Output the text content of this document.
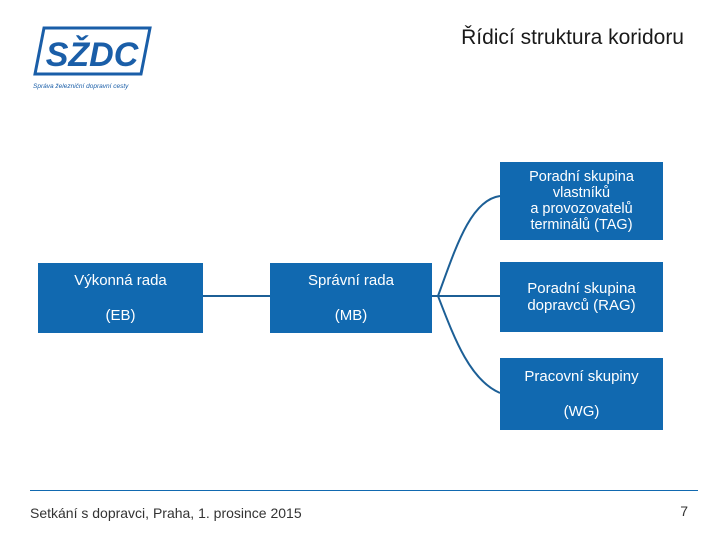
SŽDC
Správa železniční dopravní cesty
Řídicí struktura koridoru
Výkonná rada
(EB)
Správní rada
(MB)
Poradní skupina
vlastníků
a provozovatelů
terminálů (TAG)
Poradní skupina
dopravců (RAG)
Pracovní skupiny
(WG)
Setkání s dopravci, Praha, 1. prosince 2015	7
